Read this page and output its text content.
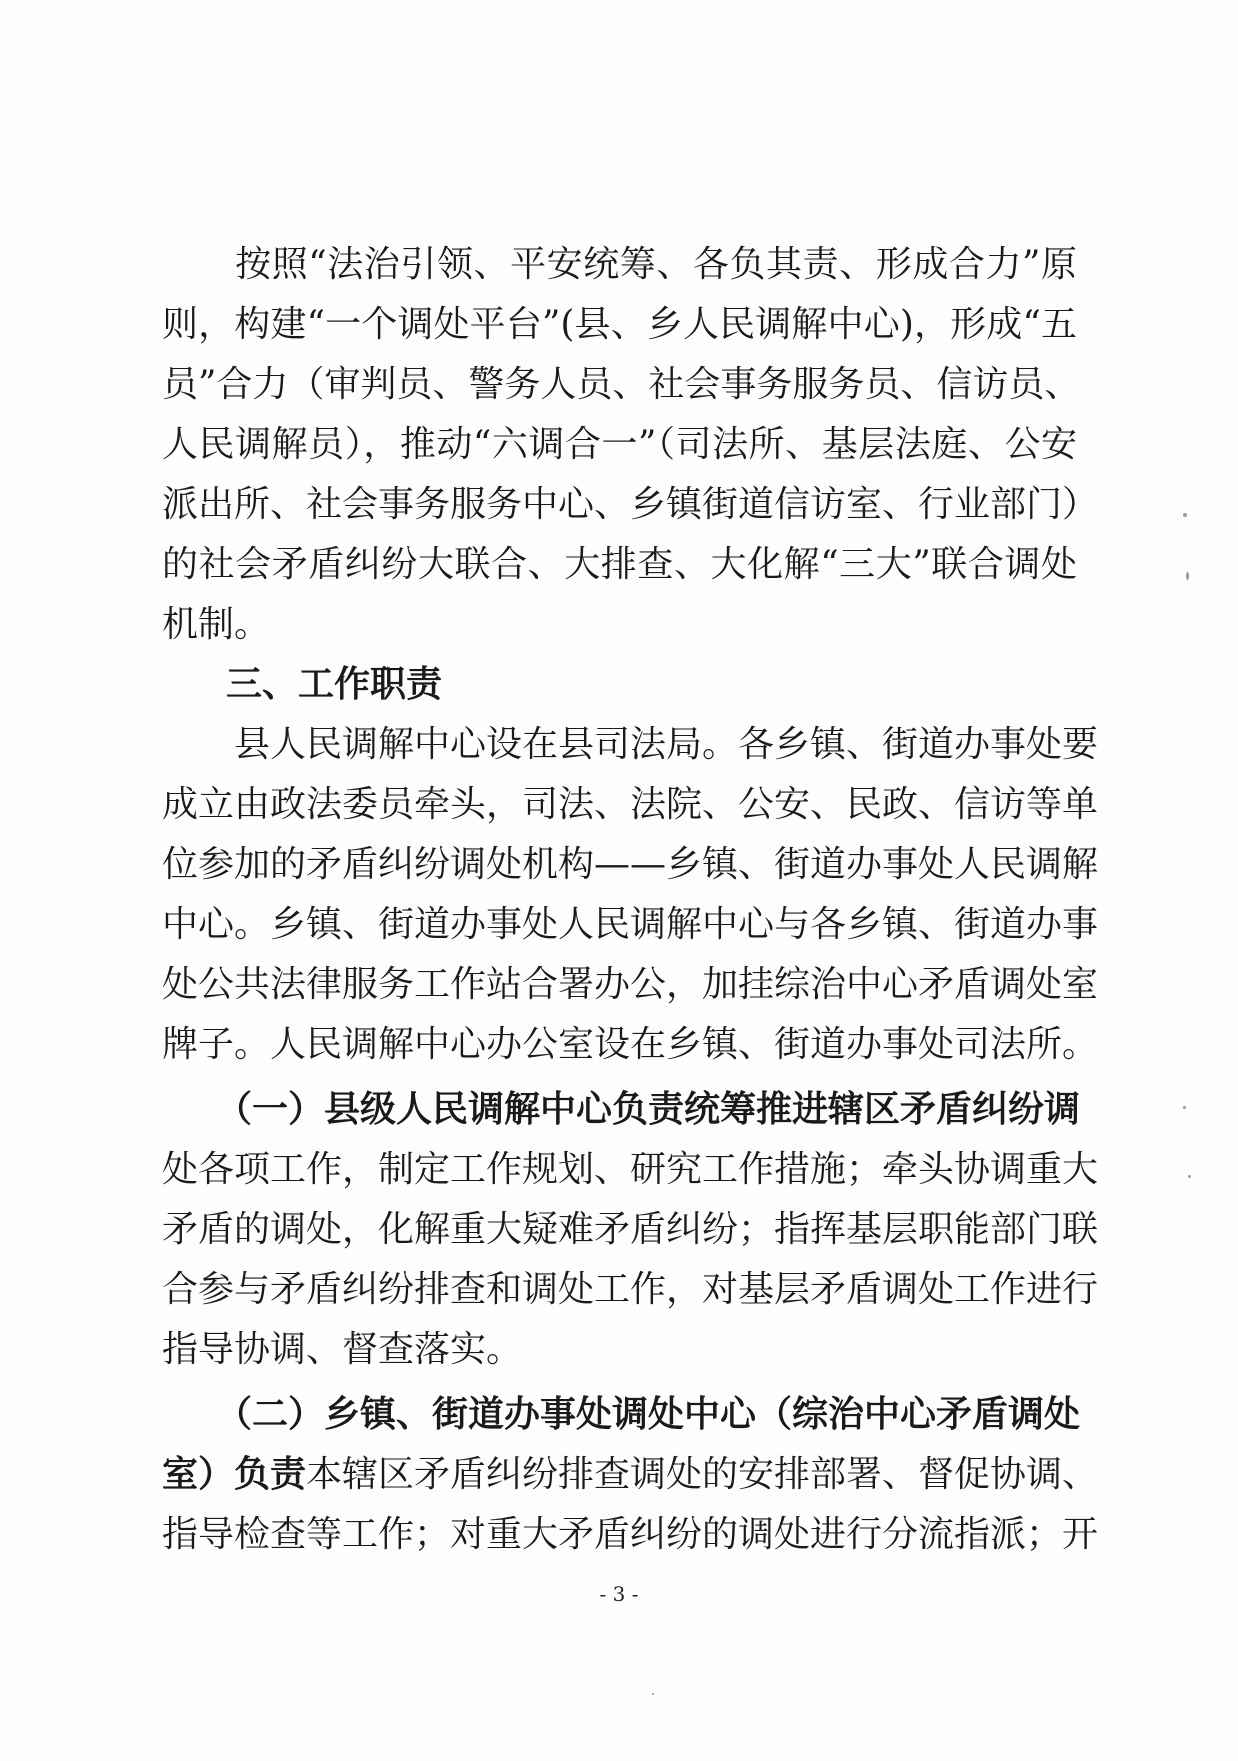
　　按照“法治引领、平安统筹、各负其责、形成合力”原
则，构建“一个调处平台”(县、乡人民调解中心)，形成“五
员”合力（审判员、警务人员、社会事务服务员、信访员、
人民调解员），推动“六调合一”（司法所、基层法庭、公安
派出所、社会事务服务中心、乡镇街道信访室、行业部门）
的社会矛盾纠纷大联合、大排查、大化解“三大”联合调处
机制。
三、工作职责
　　县人民调解中心设在县司法局。各乡镇、街道办事处要
成立由政法委员牵头，司法、法院、公安、民政、信访等单
位参加的矛盾纠纷调处机构——乡镇、街道办事处人民调解
中心。乡镇、街道办事处人民调解中心与各乡镇、街道办事
处公共法律服务工作站合署办公，加挂综治中心矛盾调处室
牌子。人民调解中心办公室设在乡镇、街道办事处司法所。
　　（一）县级人民调解中心负责统筹推进辖区矛盾纠纷调
处各项工作，制定工作规划、研究工作措施；牵头协调重大
矛盾的调处，化解重大疑难矛盾纠纷；指挥基层职能部门联
合参与矛盾纠纷排查和调处工作，对基层矛盾调处工作进行
指导协调、督查落实。
　　（二）乡镇、街道办事处调处中心（综治中心矛盾调处
室）负责本辖区矛盾纠纷排查调处的安排部署、督促协调、
指导检查等工作；对重大矛盾纠纷的调处进行分流指派；开
- 3 -
